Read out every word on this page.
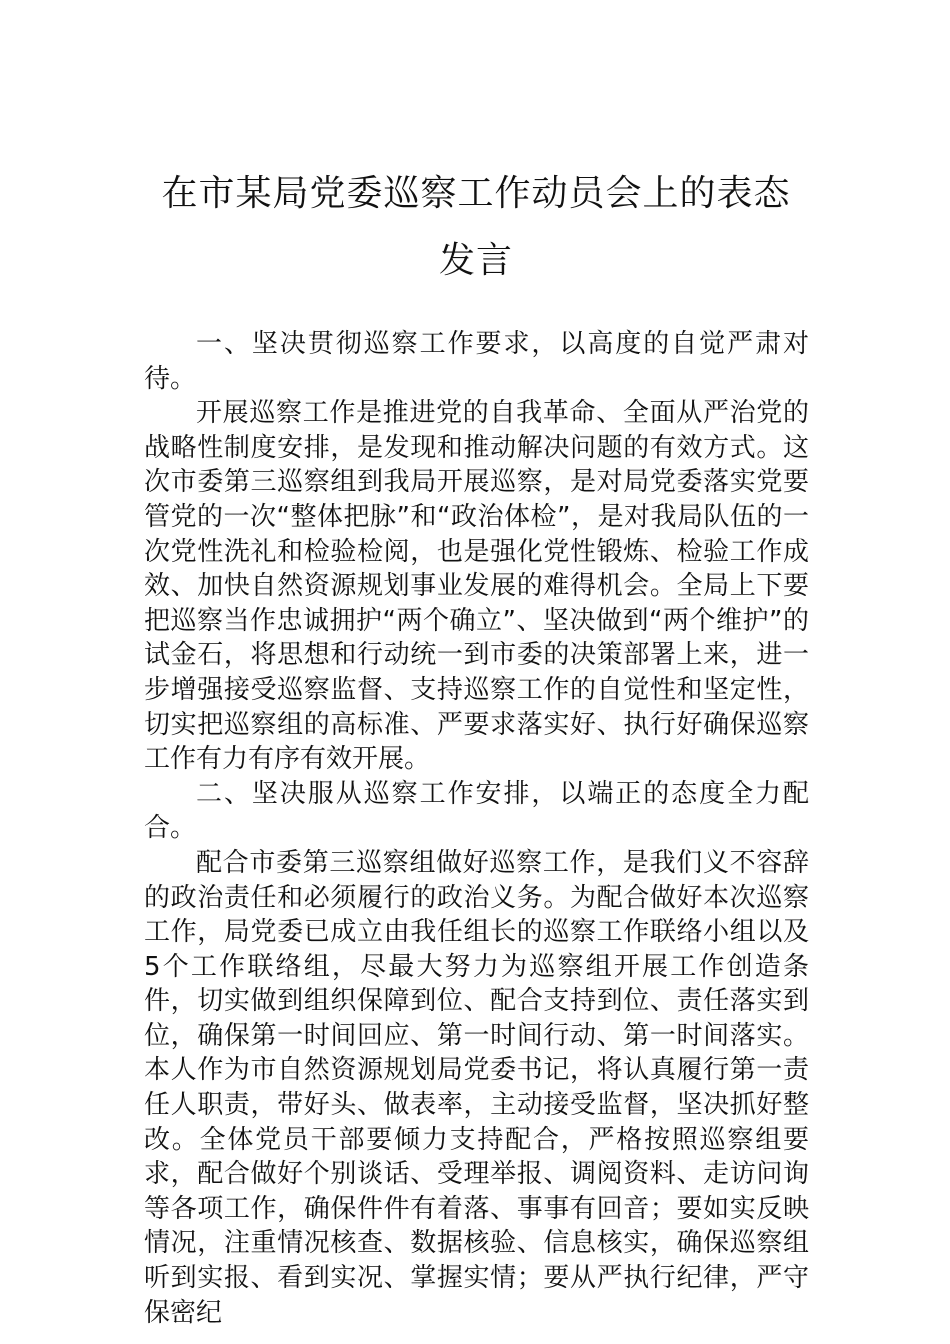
在市某局党委巡察工作动员会上的表态发言

一、坚决贯彻巡察工作要求，以高度的自觉严肃对待。

开展巡察工作是推进党的自我革命、全面从严治党的战略性制度安排，是发现和推动解决问题的有效方式。这次市委第三巡察组到我局开展巡察，是对局党委落实党要管党的一次“整体把脉”和“政治体检”，是对我局队伍的一次党性洗礼和检验检阅，也是强化党性锻炼、检验工作成效、加快自然资源规划事业发展的难得机会。全局上下要把巡察当作忠诚拥护“两个确立”、坚决做到“两个维护”的试金石，将思想和行动统一到市委的决策部署上来，进一步增强接受巡察监督、支持巡察工作的自觉性和坚定性，切实把巡察组的高标准、严要求落实好、执行好确保巡察工作有力有序有效开展。

二、坚决服从巡察工作安排，以端正的态度全力配合。

配合市委第三巡察组做好巡察工作，是我们义不容辞的政治责任和必须履行的政治义务。为配合做好本次巡察工作，局党委已成立由我任组长的巡察工作联络小组以及5个工作联络组，尽最大努力为巡察组开展工作创造条件，切实做到组织保障到位、配合支持到位、责任落实到位，确保第一时间回应、第一时间行动、第一时间落实。本人作为市自然资源规划局党委书记，将认真履行第一责任人职责，带好头、做表率，主动接受监督，坚决抓好整改。全体党员干部要倾力支持配合，严格按照巡察组要求，配合做好个别谈话、受理举报、调阅资料、走访问询等各项工作，确保件件有着落、事事有回音；要如实反映情况，注重情况核查、数据核验、信息核实，确保巡察组听到实报、看到实况、掌握实情；要从严执行纪律，严守保密纪
